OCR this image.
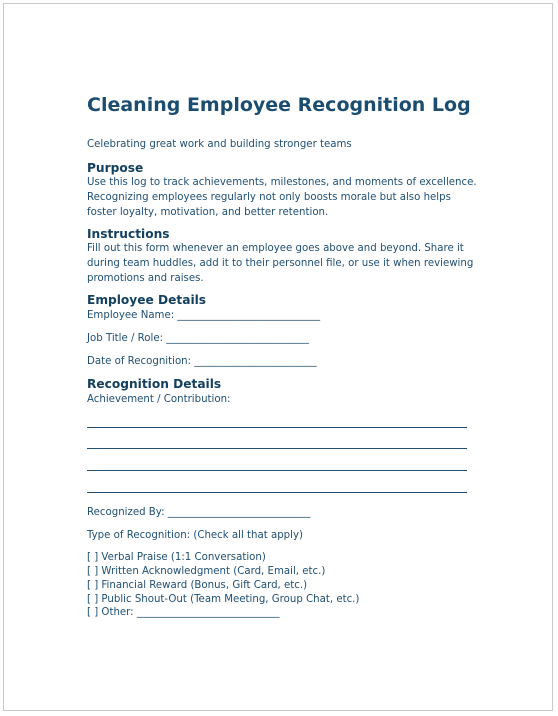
Cleaning Employee Recognition Log

Celebrating great work and building stronger teams

Purpose

Use this log to track achievements, milestones, and moments of excellence. Recognizing employees regularly not only boosts morale but also helps foster loyalty, motivation, and better retention.

Instructions

Fill out this form whenever an employee goes above and beyond. Share it during team huddles, add it to their personnel file, or use it when reviewing promotions and raises.

Employee Details

Employee Name: ____________________________

Job Title / Role: ____________________________

Date of Recognition: ________________________

Recognition Details

Achievement / Contribution:

Recognized By: ____________________________

Type of Recognition: (Check all that apply)

[ ] Verbal Praise (1:1 Conversation)

[ ] Written Acknowledgment (Card, Email, etc.)

[ ] Financial Reward (Bonus, Gift Card, etc.)

[ ] Public Shout-Out (Team Meeting, Group Chat, etc.)

[ ] Other: ____________________________
